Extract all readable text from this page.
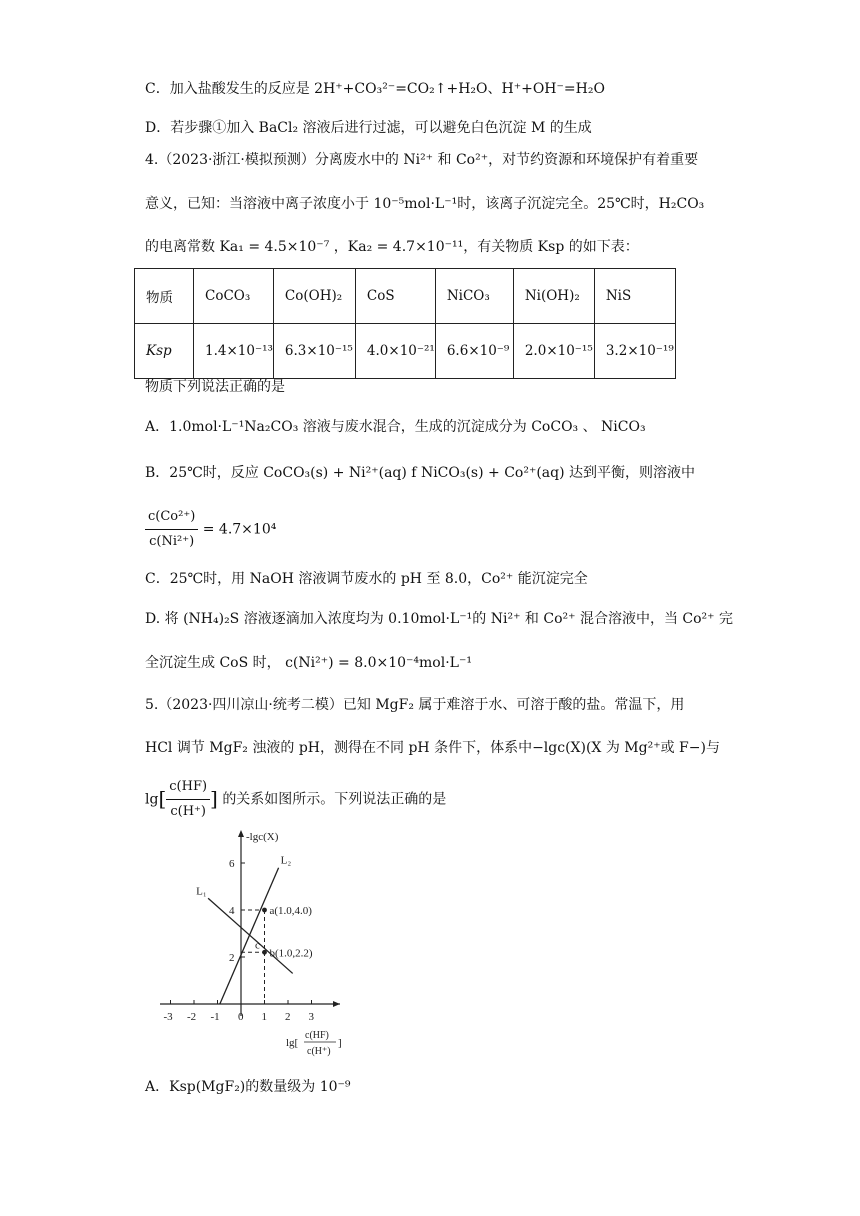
C．加入盐酸发生的反应是 2H⁺+CO₃²⁻=CO₂↑+H₂O、H⁺+OH⁻=H₂O
D．若步骤①加入 BaCl₂ 溶液后进行过滤，可以避免白色沉淀 M 的生成
4.（2023·浙江·模拟预测）分离废水中的 Ni²⁺ 和 Co²⁺，对节约资源和环境保护有着重要
意义，已知：当溶液中离子浓度小于 10⁻⁵mol·L⁻¹时，该离子沉淀完全。25℃时，H₂CO₃
的电离常数 Ka₁ = 4.5×10⁻⁷ ，Ka₂ = 4.7×10⁻¹¹，有关物质 Ksp 的如下表：
物质	CoCO₃	Co(OH)₂	CoS	NiCO₃	Ni(OH)₂	NiS
Ksp	1.4×10⁻¹³	6.3×10⁻¹⁵	4.0×10⁻²¹	6.6×10⁻⁹	2.0×10⁻¹⁵	3.2×10⁻¹⁹
物质下列说法正确的是
A．1.0mol·L⁻¹Na₂CO₃ 溶液与废水混合，生成的沉淀成分为 CoCO₃ 、 NiCO₃
B．25℃时，反应 CoCO₃(s) + Ni²⁺(aq) f NiCO₃(s) + Co²⁺(aq) 达到平衡，则溶液中
$\frac{\text{c(Co²⁺)}}{\text{c(Ni²⁺)}} = 4.7\times 10^4$
C．25℃时，用 NaOH 溶液调节废水的 pH 至 8.0，Co²⁺ 能沉淀完全
D. 将 (NH₄)₂S 溶液逐滴加入浓度均为 0.10mol·L⁻¹的 Ni²⁺ 和 Co²⁺ 混合溶液中，当 Co²⁺ 完
全沉淀生成 CoS 时， c(Ni²⁺) = 8.0×10⁻⁴mol·L⁻¹
5.（2023·四川凉山·统考二模）已知 MgF₂ 属于难溶于水、可溶于酸的盐。常温下，用
HCl 调节 MgF₂ 浊液的 pH，测得在不同 pH 条件下，体系中−lgc(X)(X 为 Mg²⁺或 F−)与
$\lg[ \frac{c(HF)}{c(H^+)}$ ] 的关系如图所示。下列说法正确的是
-lgc(X)
-3 -2 -1 0 1 2 3
2
4
6
L₁
L₂
a(1.0,4.0)
b(1.0,2.2)
c
lg[
c(HF)
c(H⁺)
]
A．Ksp(MgF₂)的数量级为 10⁻⁹
